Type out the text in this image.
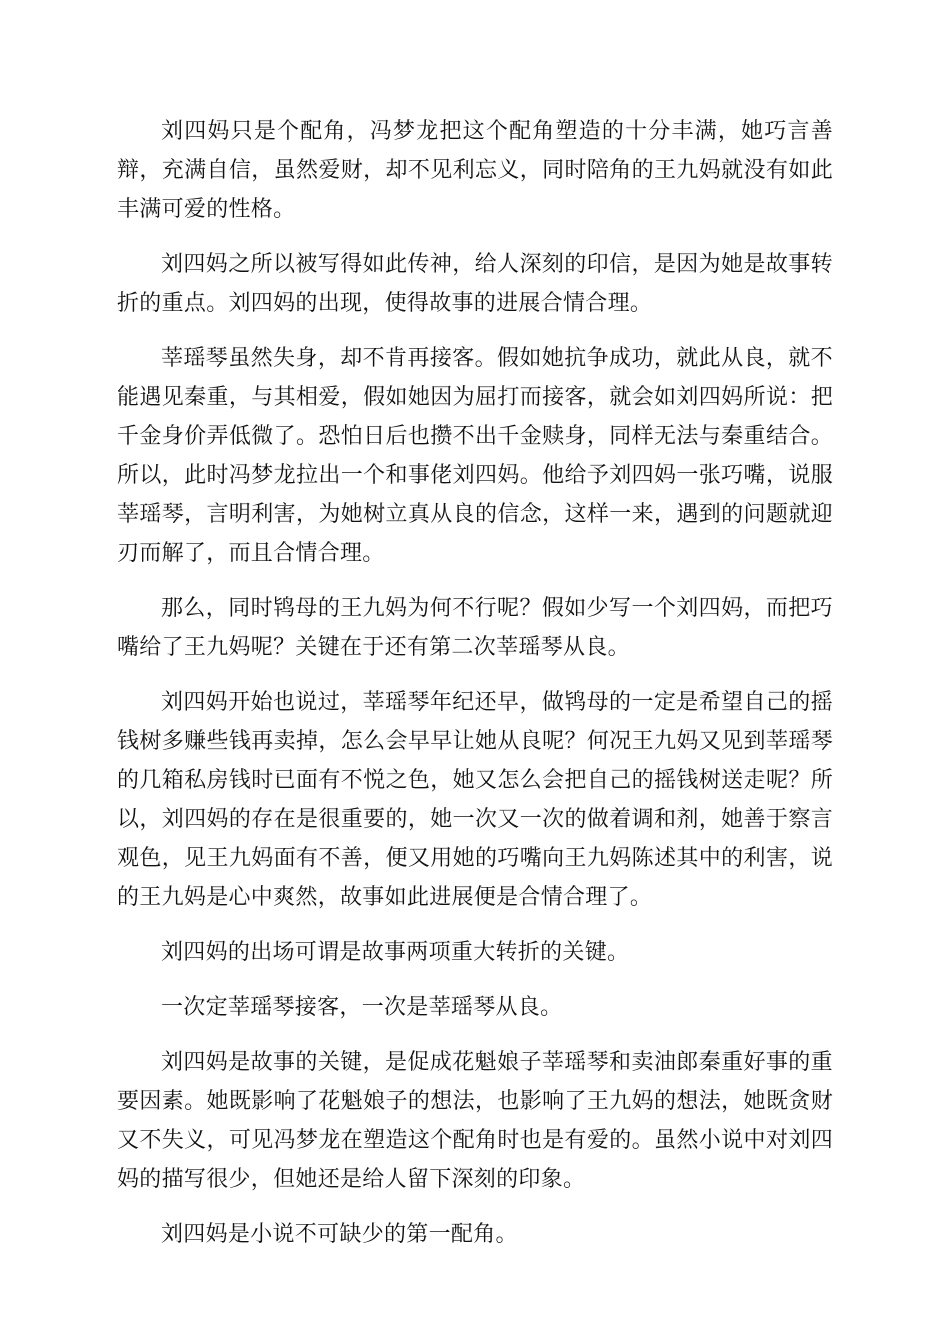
刘四妈只是个配角，冯梦龙把这个配角塑造的十分丰满，她巧言善辩，充满自信，虽然爱财，却不见利忘义，同时陪角的王九妈就没有如此丰满可爱的性格。

刘四妈之所以被写得如此传神，给人深刻的印信，是因为她是故事转折的重点。刘四妈的出现，使得故事的进展合情合理。

莘瑶琴虽然失身，却不肯再接客。假如她抗争成功，就此从良，就不能遇见秦重，与其相爱，假如她因为屈打而接客，就会如刘四妈所说：把千金身价弄低微了。恐怕日后也攒不出千金赎身，同样无法与秦重结合。所以，此时冯梦龙拉出一个和事佬刘四妈。他给予刘四妈一张巧嘴，说服莘瑶琴，言明利害，为她树立真从良的信念，这样一来，遇到的问题就迎刃而解了，而且合情合理。

那么，同时鸨母的王九妈为何不行呢？假如少写一个刘四妈，而把巧嘴给了王九妈呢？关键在于还有第二次莘瑶琴从良。

刘四妈开始也说过，莘瑶琴年纪还早，做鸨母的一定是希望自己的摇钱树多赚些钱再卖掉，怎么会早早让她从良呢？何况王九妈又见到莘瑶琴的几箱私房钱时已面有不悦之色，她又怎么会把自己的摇钱树送走呢？所以，刘四妈的存在是很重要的，她一次又一次的做着调和剂，她善于察言观色，见王九妈面有不善，便又用她的巧嘴向王九妈陈述其中的利害，说的王九妈是心中爽然，故事如此进展便是合情合理了。

刘四妈的出场可谓是故事两项重大转折的关键。

一次定莘瑶琴接客，一次是莘瑶琴从良。

刘四妈是故事的关键，是促成花魁娘子莘瑶琴和卖油郎秦重好事的重要因素。她既影响了花魁娘子的想法，也影响了王九妈的想法，她既贪财又不失义，可见冯梦龙在塑造这个配角时也是有爱的。虽然小说中对刘四妈的描写很少，但她还是给人留下深刻的印象。

刘四妈是小说不可缺少的第一配角。
